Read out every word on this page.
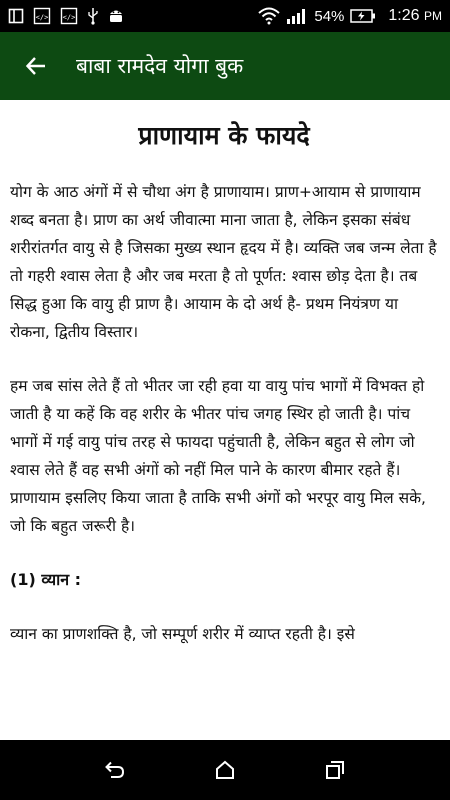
</> </>	54%	1:26 PM
बाबा रामदेव योगा बुक
प्राणायाम के फायदे

योग के आठ अंगों में से चौथा अंग है प्राणायाम। प्राण+आयाम से प्राणायाम शब्द बनता है। प्राण का अर्थ जीवात्मा माना जाता है, लेकिन इसका संबंध शरीरांतर्गत वायु से है जिसका मुख्य स्थान हृदय में है। व्यक्ति जब जन्म लेता है तो गहरी श्वास लेता है और जब मरता है तो पूर्णत: श्वास छोड़ देता है। तब सिद्ध हुआ कि वायु ही प्राण है। आयाम के दो अर्थ है- प्रथम नियंत्रण या रोकना, द्वितीय विस्तार।

हम जब सांस लेते हैं तो भीतर जा रही हवा या वायु पांच भागों में विभक्त हो जाती है या कहें कि वह शरीर के भीतर पांच जगह स्थिर हो जाती है। पांच भागों में गई वायु पांच तरह से फायदा पहुंचाती है, लेकिन बहुत से लोग जो श्वास लेते हैं वह सभी अंगों को नहीं मिल पाने के कारण बीमार रहते हैं। प्राणायाम इसलिए किया जाता है ताकि सभी अंगों को भरपूर वायु मिल सके, जो कि बहुत जरूरी है।

(1) व्यान :
व्यान का प्राणशक्ति है, जो सम्पूर्ण शरीर में व्याप्त रहती है। इसे
